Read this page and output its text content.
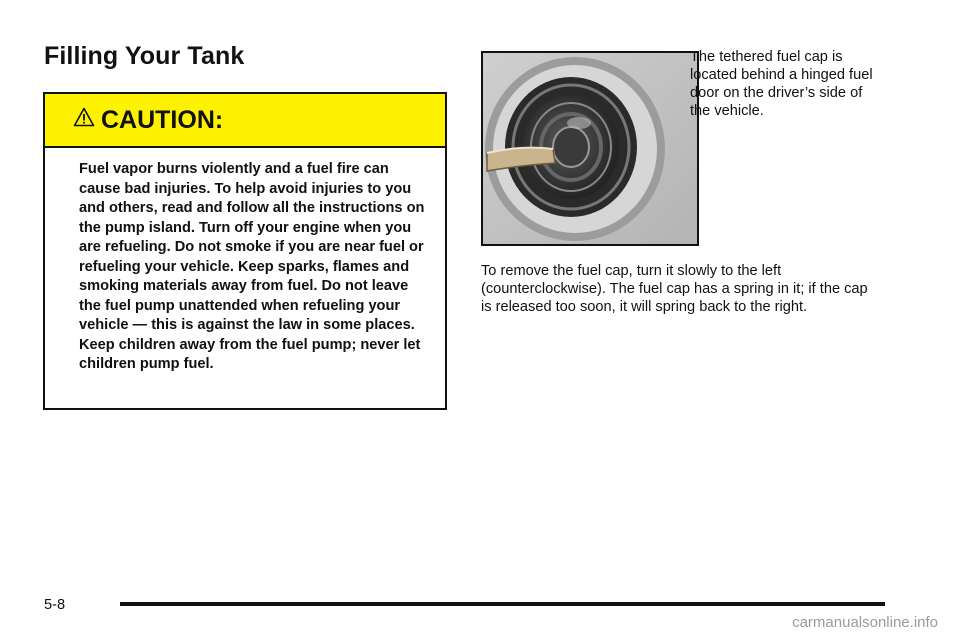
Filling Your Tank
CAUTION:
Fuel vapor burns violently and a fuel fire can cause bad injuries. To help avoid injuries to you and others, read and follow all the instructions on the pump island. Turn off your engine when you are refueling. Do not smoke if you are near fuel or refueling your vehicle. Keep sparks, flames and smoking materials away from fuel. Do not leave the fuel pump unattended when refueling your vehicle — this is against the law in some places. Keep children away from the fuel pump; never let children pump fuel.

The tethered fuel cap is located behind a hinged fuel door on the driver’s side of the vehicle.

To remove the fuel cap, turn it slowly to the left (counterclockwise). The fuel cap has a spring in it; if the cap is released too soon, it will spring back to the right.

5-8
carmanualsonline.info
